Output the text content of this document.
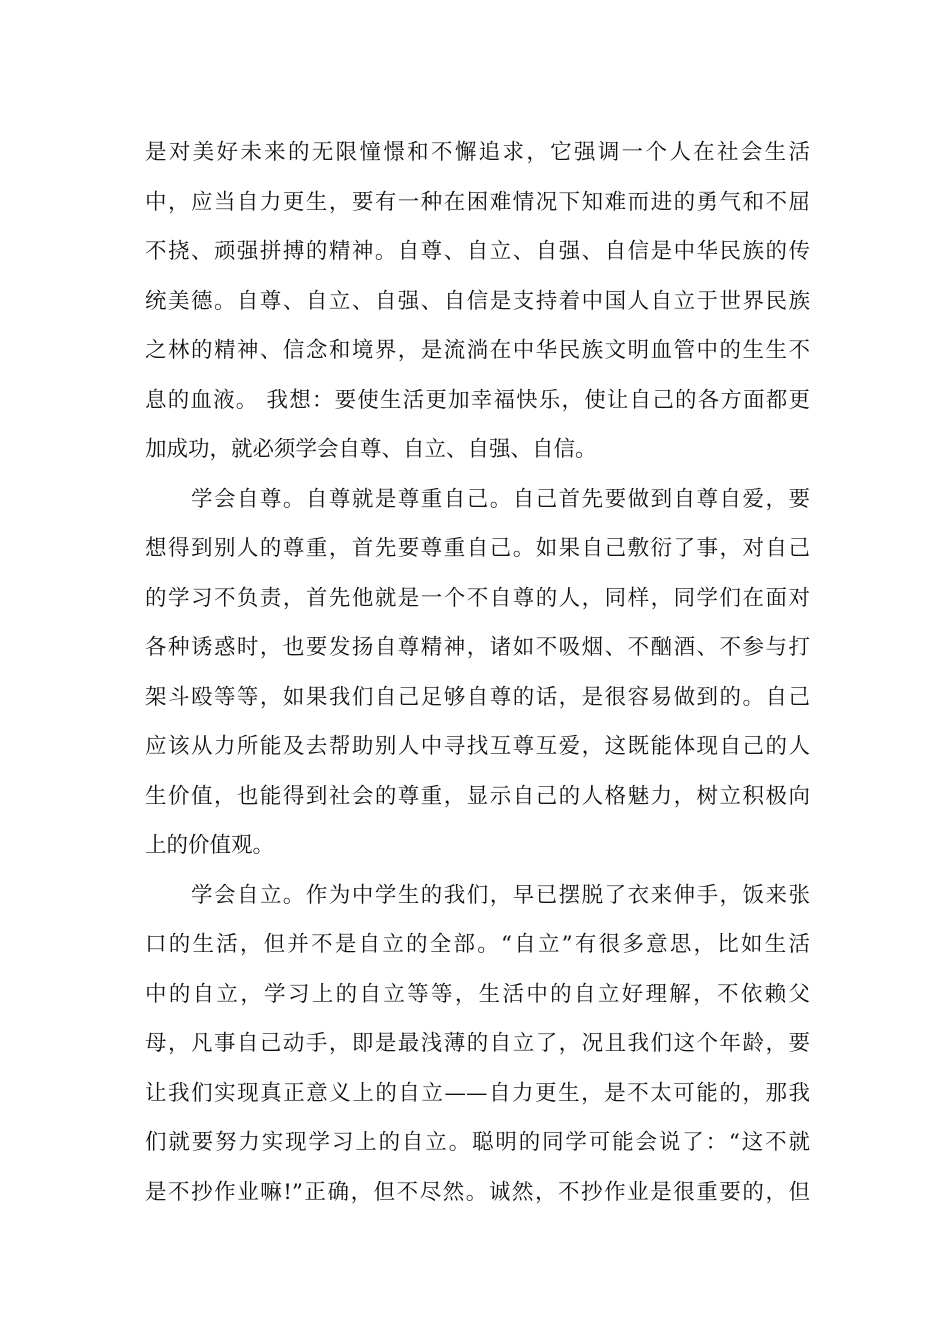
是对美好未来的无限憧憬和不懈追求，它强调一个人在社会生活
中，应当自力更生，要有一种在困难情况下知难而进的勇气和不屈
不挠、顽强拼搏的精神。自尊、自立、自强、自信是中华民族的传
统美德。自尊、自立、自强、自信是支持着中国人自立于世界民族
之林的精神、信念和境界，是流淌在中华民族文明血管中的生生不
息的血液。 我想：要使生活更加幸福快乐，使让自己的各方面都更
加成功，就必须学会自尊、自立、自强、自信。
学会自尊。自尊就是尊重自己。自己首先要做到自尊自爱，要
想得到别人的尊重，首先要尊重自己。如果自己敷衍了事，对自己
的学习不负责，首先他就是一个不自尊的人，同样，同学们在面对
各种诱惑时，也要发扬自尊精神，诸如不吸烟、不酗酒、不参与打
架斗殴等等，如果我们自己足够自尊的话，是很容易做到的。自己
应该从力所能及去帮助别人中寻找互尊互爱，这既能体现自己的人
生价值，也能得到社会的尊重，显示自己的人格魅力，树立积极向
上的价值观。
学会自立。作为中学生的我们，早已摆脱了衣来伸手，饭来张
口的生活，但并不是自立的全部。“自立”有很多意思，比如生活
中的自立，学习上的自立等等，生活中的自立好理解，不依赖父
母，凡事自己动手，即是最浅薄的自立了，况且我们这个年龄，要
让我们实现真正意义上的自立——自力更生，是不太可能的，那我
们就要努力实现学习上的自立。聪明的同学可能会说了：“这不就
是不抄作业嘛!”正确，但不尽然。诚然，不抄作业是很重要的，但
